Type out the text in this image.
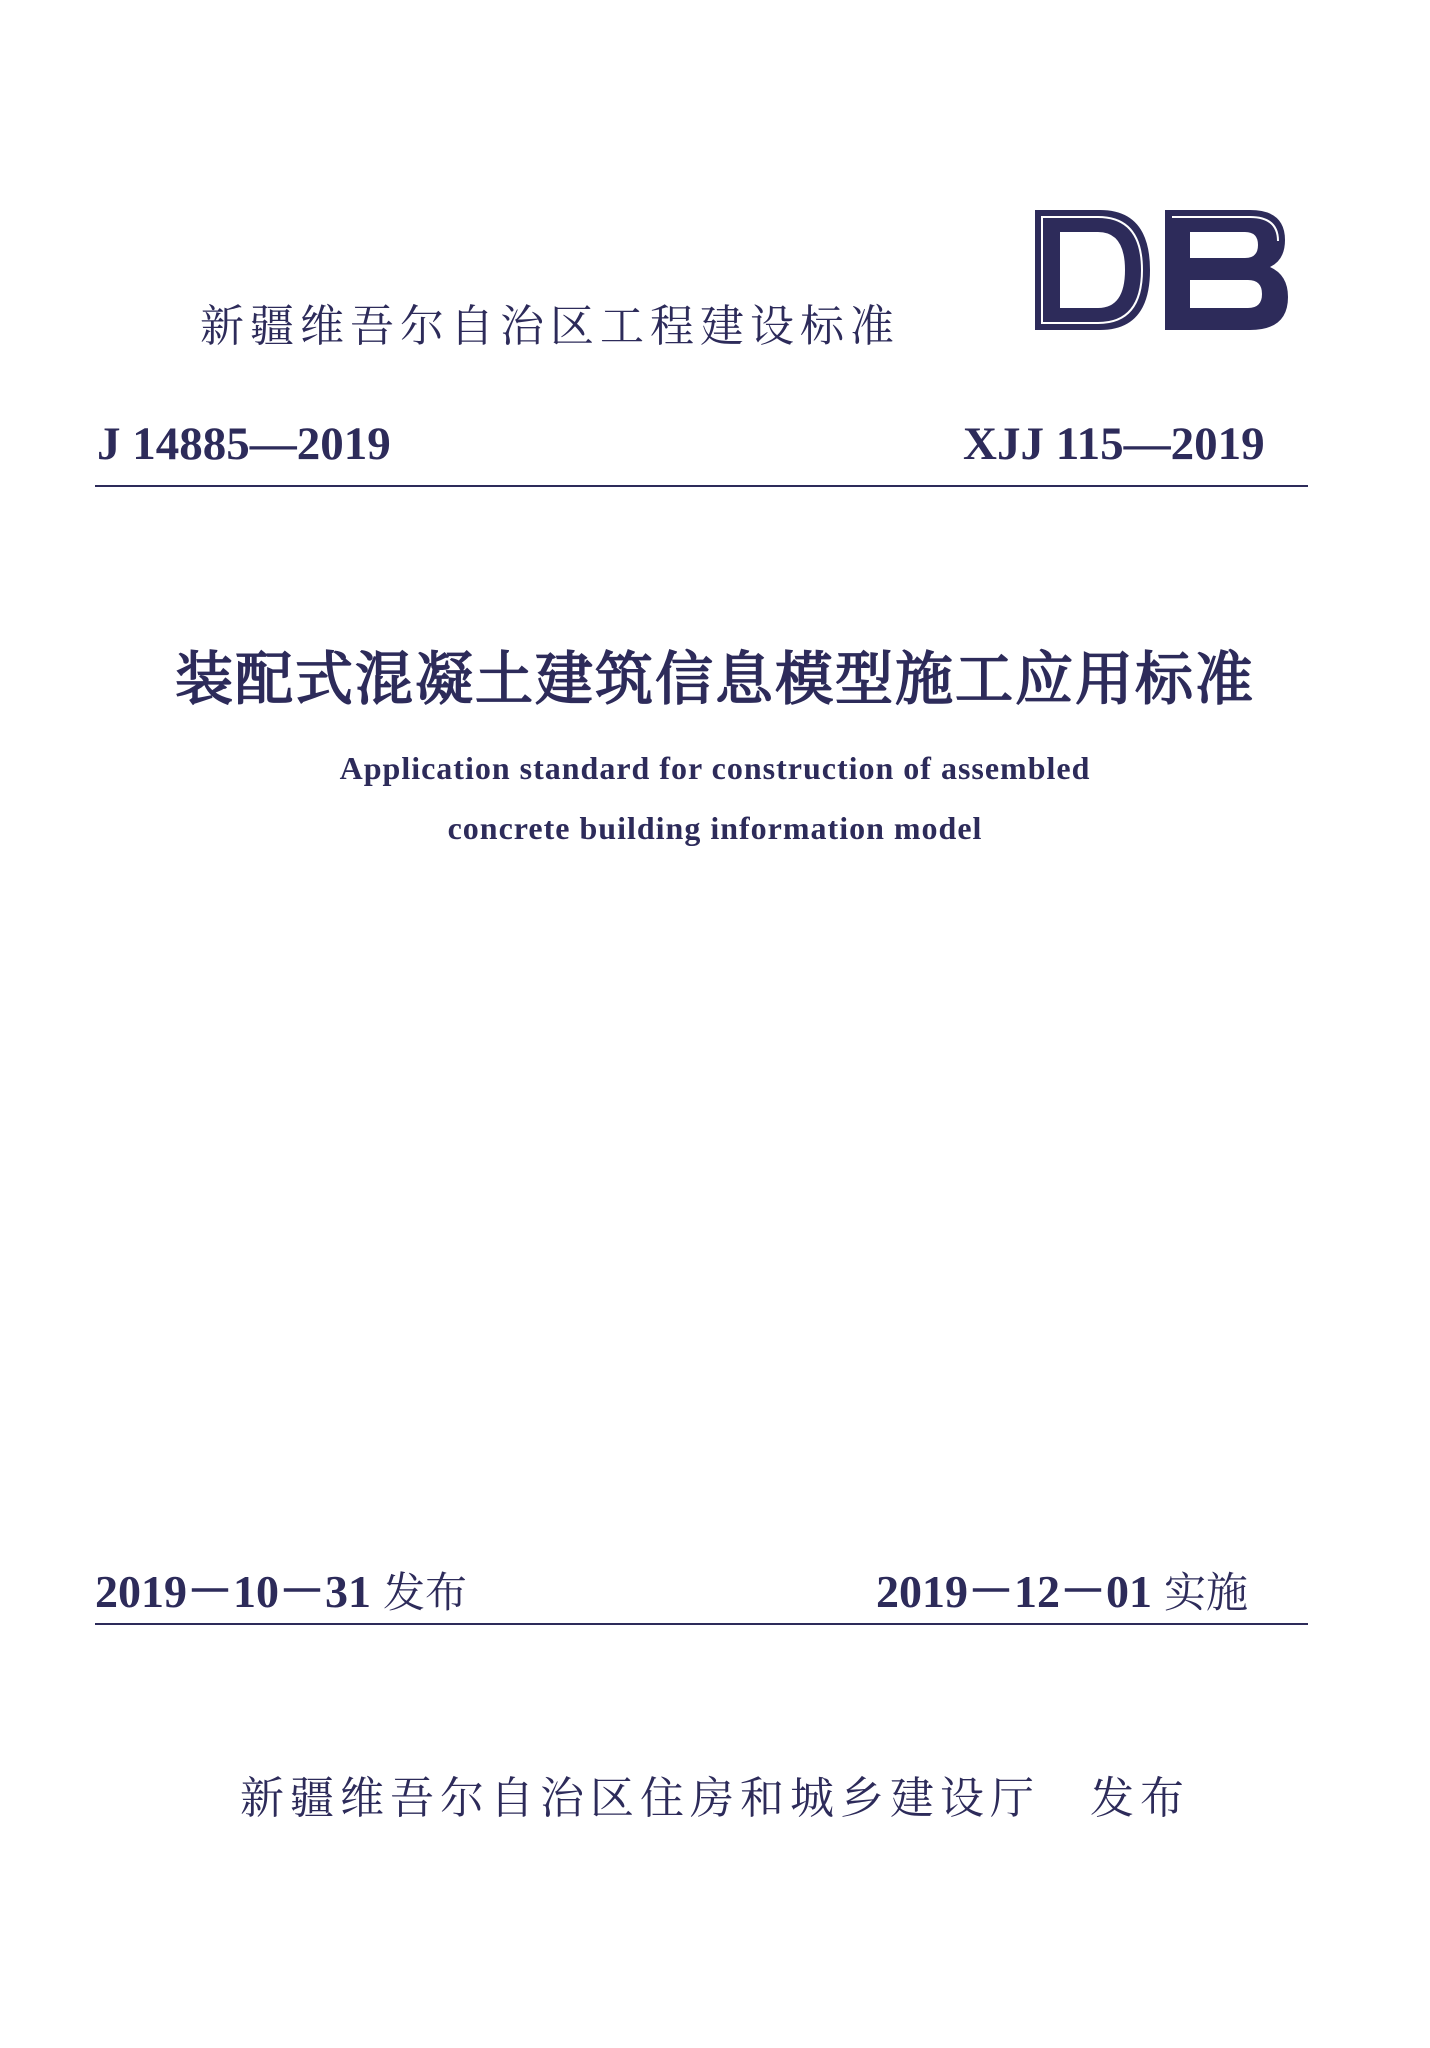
新疆维吾尔自治区工程建设标准
DB
J 14885—2019	XJJ 115—2019
装配式混凝土建筑信息模型施工应用标准
Application standard for construction of assembled
concrete building information model
2019－10－31 发布	2019－12－01 实施
新疆维吾尔自治区住房和城乡建设厅　发布
